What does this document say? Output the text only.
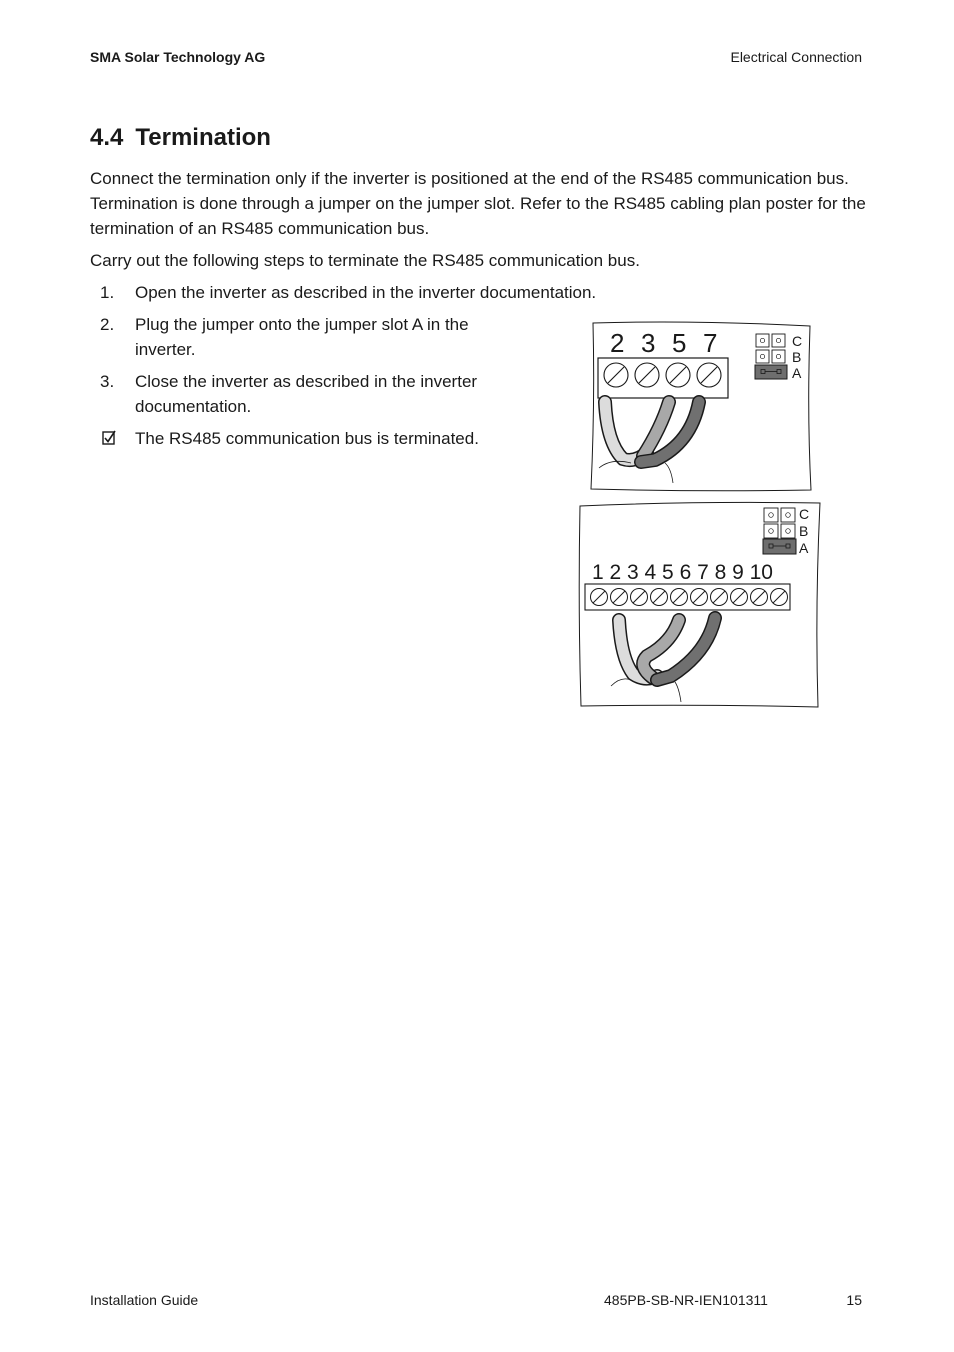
SMA Solar Technology AG	Electrical Connection
4.4 Termination

Connect the termination only if the inverter is positioned at the end of the RS485 communication bus. Termination is done through a jumper on the jumper slot. Refer to the RS485 cabling plan poster for the termination of an RS485 communication bus.

Carry out the following steps to terminate the RS485 communication bus.

1.	Open the inverter as described in the inverter documentation.
2.	Plug the jumper onto the jumper slot A in the inverter.
3.	Close the inverter as described in the inverter documentation.
The RS485 communication bus is terminated.
2 3 5 7	C
B
A
C
B
A
1 2 3 4 5 6 7 8 9 10
Installation Guide	485PB-SB-NR-IEN101311	15
